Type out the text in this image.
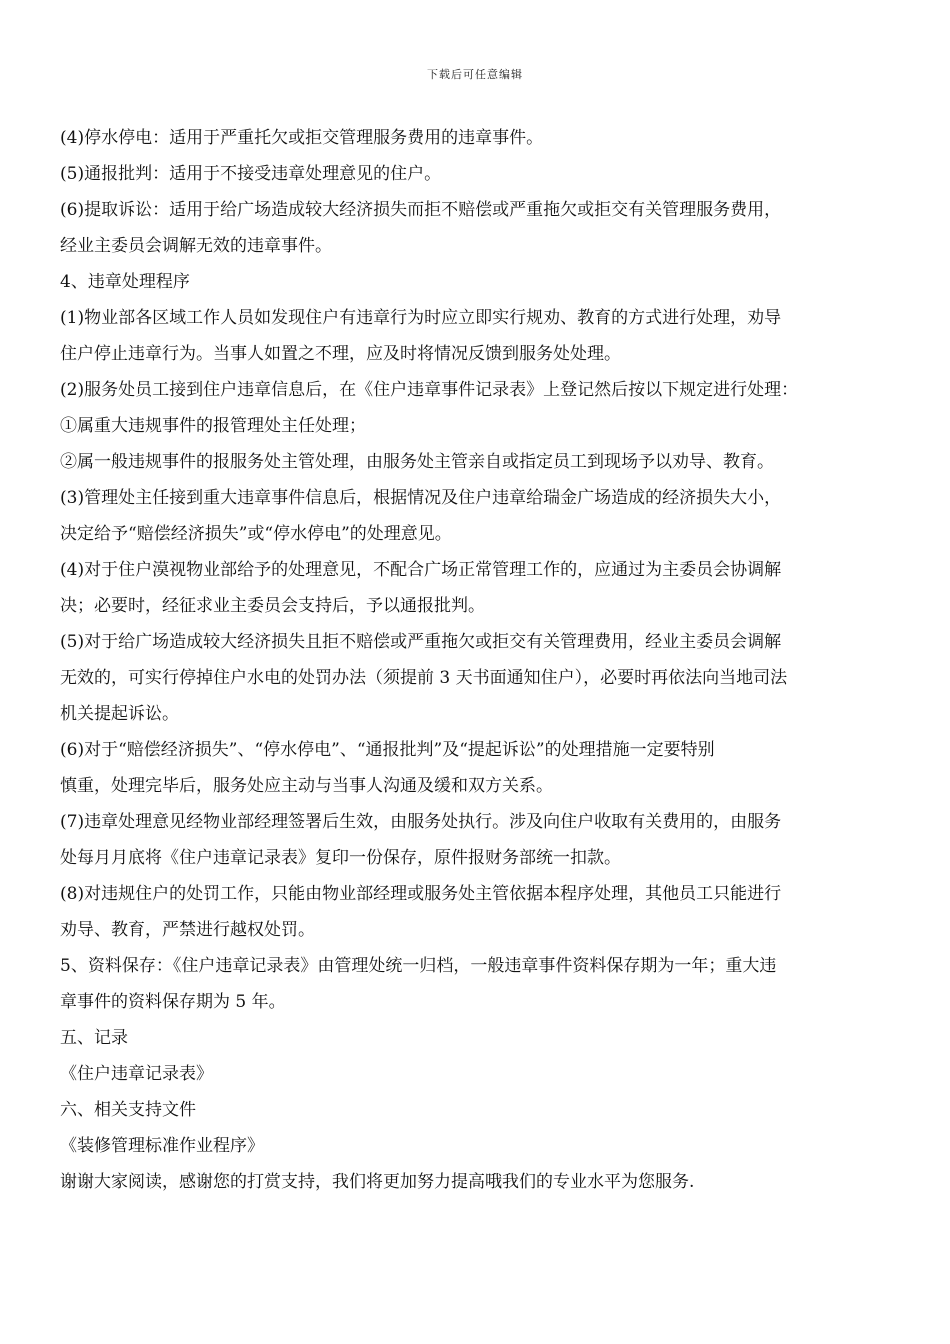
下载后可任意编辑
(4)停水停电：适用于严重托欠或拒交管理服务费用的违章事件。
(5)通报批判：适用于不接受违章处理意见的住户。
(6)提取诉讼：适用于给广场造成较大经济损失而拒不赔偿或严重拖欠或拒交有关管理服务费用，
经业主委员会调解无效的违章事件。
4、违章处理程序
(1)物业部各区域工作人员如发现住户有违章行为时应立即实行规劝、教育的方式进行处理，劝导
住户停止违章行为。当事人如置之不理，应及时将情况反馈到服务处处理。
(2)服务处员工接到住户违章信息后，在《住户违章事件记录表》上登记然后按以下规定进行处理：
①属重大违规事件的报管理处主任处理；
②属一般违规事件的报服务处主管处理，由服务处主管亲自或指定员工到现场予以劝导、教育。
(3)管理处主任接到重大违章事件信息后，根据情况及住户违章给瑞金广场造成的经济损失大小，
决定给予“赔偿经济损失”或“停水停电”的处理意见。
(4)对于住户漠视物业部给予的处理意见，不配合广场正常管理工作的，应通过为主委员会协调解
决；必要时，经征求业主委员会支持后，予以通报批判。
(5)对于给广场造成较大经济损失且拒不赔偿或严重拖欠或拒交有关管理费用，经业主委员会调解
无效的，可实行停掉住户水电的处罚办法（须提前 3 天书面通知住户），必要时再依法向当地司法
机关提起诉讼。
(6)对于“赔偿经济损失”、“停水停电”、“通报批判”及“提起诉讼”的处理措施一定要特别
慎重，处理完毕后，服务处应主动与当事人沟通及缓和双方关系。
(7)违章处理意见经物业部经理签署后生效，由服务处执行。涉及向住户收取有关费用的，由服务
处每月月底将《住户违章记录表》复印一份保存，原件报财务部统一扣款。
(8)对违规住户的处罚工作，只能由物业部经理或服务处主管依据本程序处理，其他员工只能进行
劝导、教育，严禁进行越权处罚。
5、资料保存：《住户违章记录表》由管理处统一归档，一般违章事件资料保存期为一年；重大违
章事件的资料保存期为 5 年。
五、记录
《住户违章记录表》
六、相关支持文件
《装修管理标准作业程序》
谢谢大家阅读，感谢您的打赏支持，我们将更加努力提高哦我们的专业水平为您服务.
